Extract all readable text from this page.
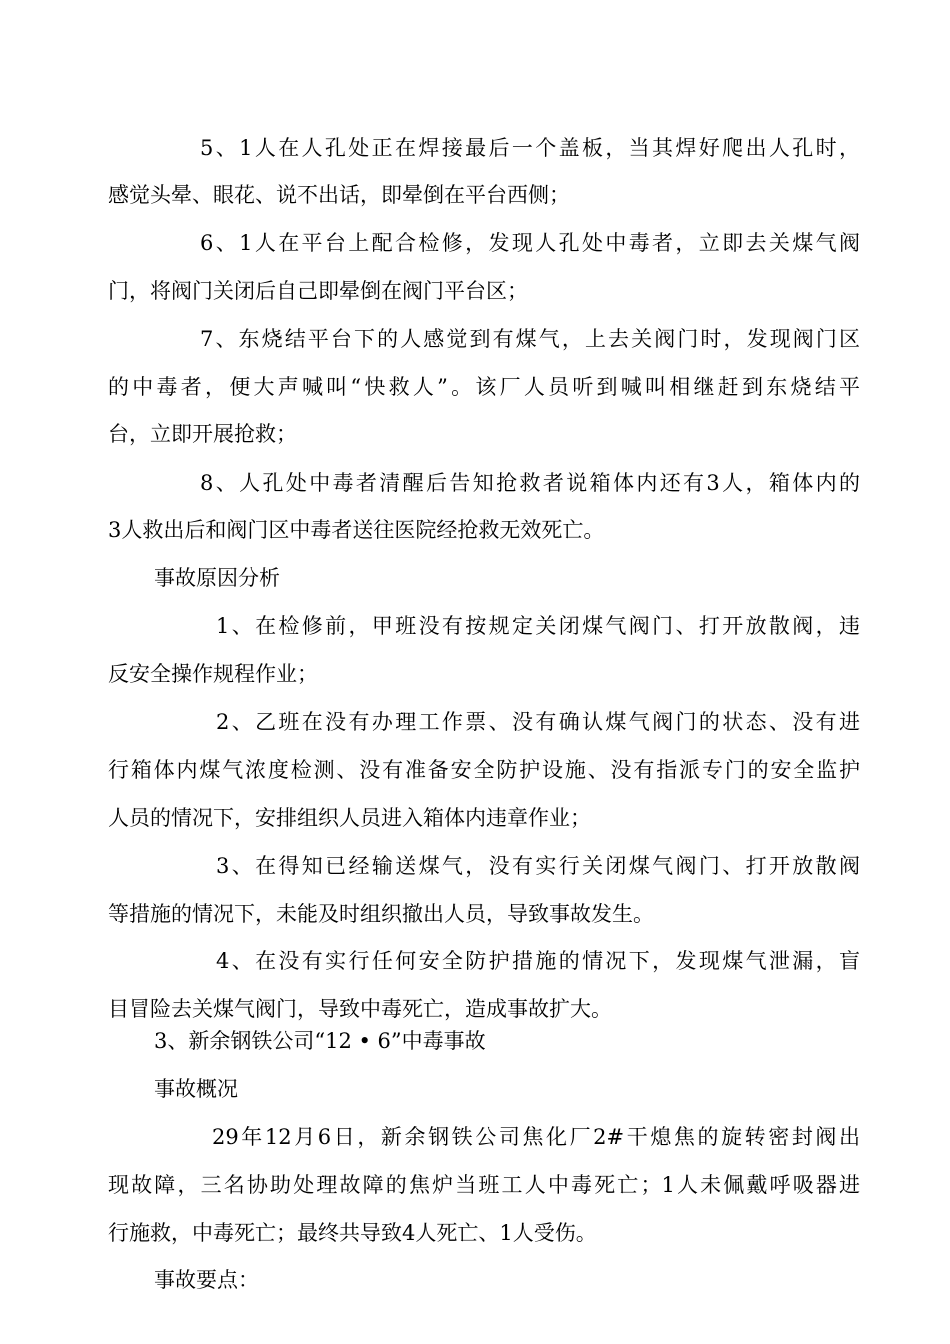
5、1人在人孔处正在焊接最后一个盖板，当其焊好爬出人孔时，
感觉头晕、眼花、说不出话，即晕倒在平台西侧；
6、1人在平台上配合检修，发现人孔处中毒者，立即去关煤气阀
门，将阀门关闭后自己即晕倒在阀门平台区；
7、东烧结平台下的人感觉到有煤气，上去关阀门时，发现阀门区
的中毒者，便大声喊叫“快救人”。该厂人员听到喊叫相继赶到东烧结平
台，立即开展抢救；
8、人孔处中毒者清醒后告知抢救者说箱体内还有3人，箱体内的
3人救出后和阀门区中毒者送往医院经抢救无效死亡。
事故原因分析
1、在检修前，甲班没有按规定关闭煤气阀门、打开放散阀，违
反安全操作规程作业；
2、乙班在没有办理工作票、没有确认煤气阀门的状态、没有进
行箱体内煤气浓度检测、没有准备安全防护设施、没有指派专门的安全监护
人员的情况下，安排组织人员进入箱体内违章作业；
3、在得知已经输送煤气，没有实行关闭煤气阀门、打开放散阀
等措施的情况下，未能及时组织撤出人员，导致事故发生。
4、在没有实行任何安全防护措施的情况下，发现煤气泄漏，盲
目冒险去关煤气阀门，导致中毒死亡，造成事故扩大。
3、新余钢铁公司“12 • 6”中毒事故
事故概况
29年12月6日，新余钢铁公司焦化厂2#干熄焦的旋转密封阀出
现故障，三名协助处理故障的焦炉当班工人中毒死亡；1人未佩戴呼吸器进
行施救，中毒死亡；最终共导致4人死亡、1人受伤。
事故要点：
